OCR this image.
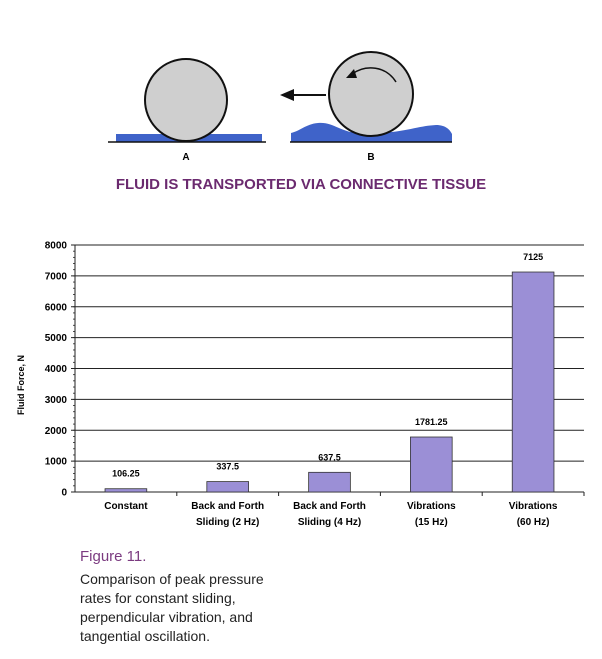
A	B
FLUID IS TRANSPORTED VIA CONNECTIVE TISSUE
0
1000
2000
3000
4000
5000
6000
7000
8000
106.25
Constant
337.5
Back and Forth
Sliding (2 Hz)
637.5
Back and Forth
Sliding (4 Hz)
1781.25
Vibrations
(15 Hz)
7125
Vibrations
(60 Hz)
Fluid Force, N
Figure 11.
Comparison of peak pressure
rates for constant sliding,
perpendicular vibration, and
tangential oscillation.
